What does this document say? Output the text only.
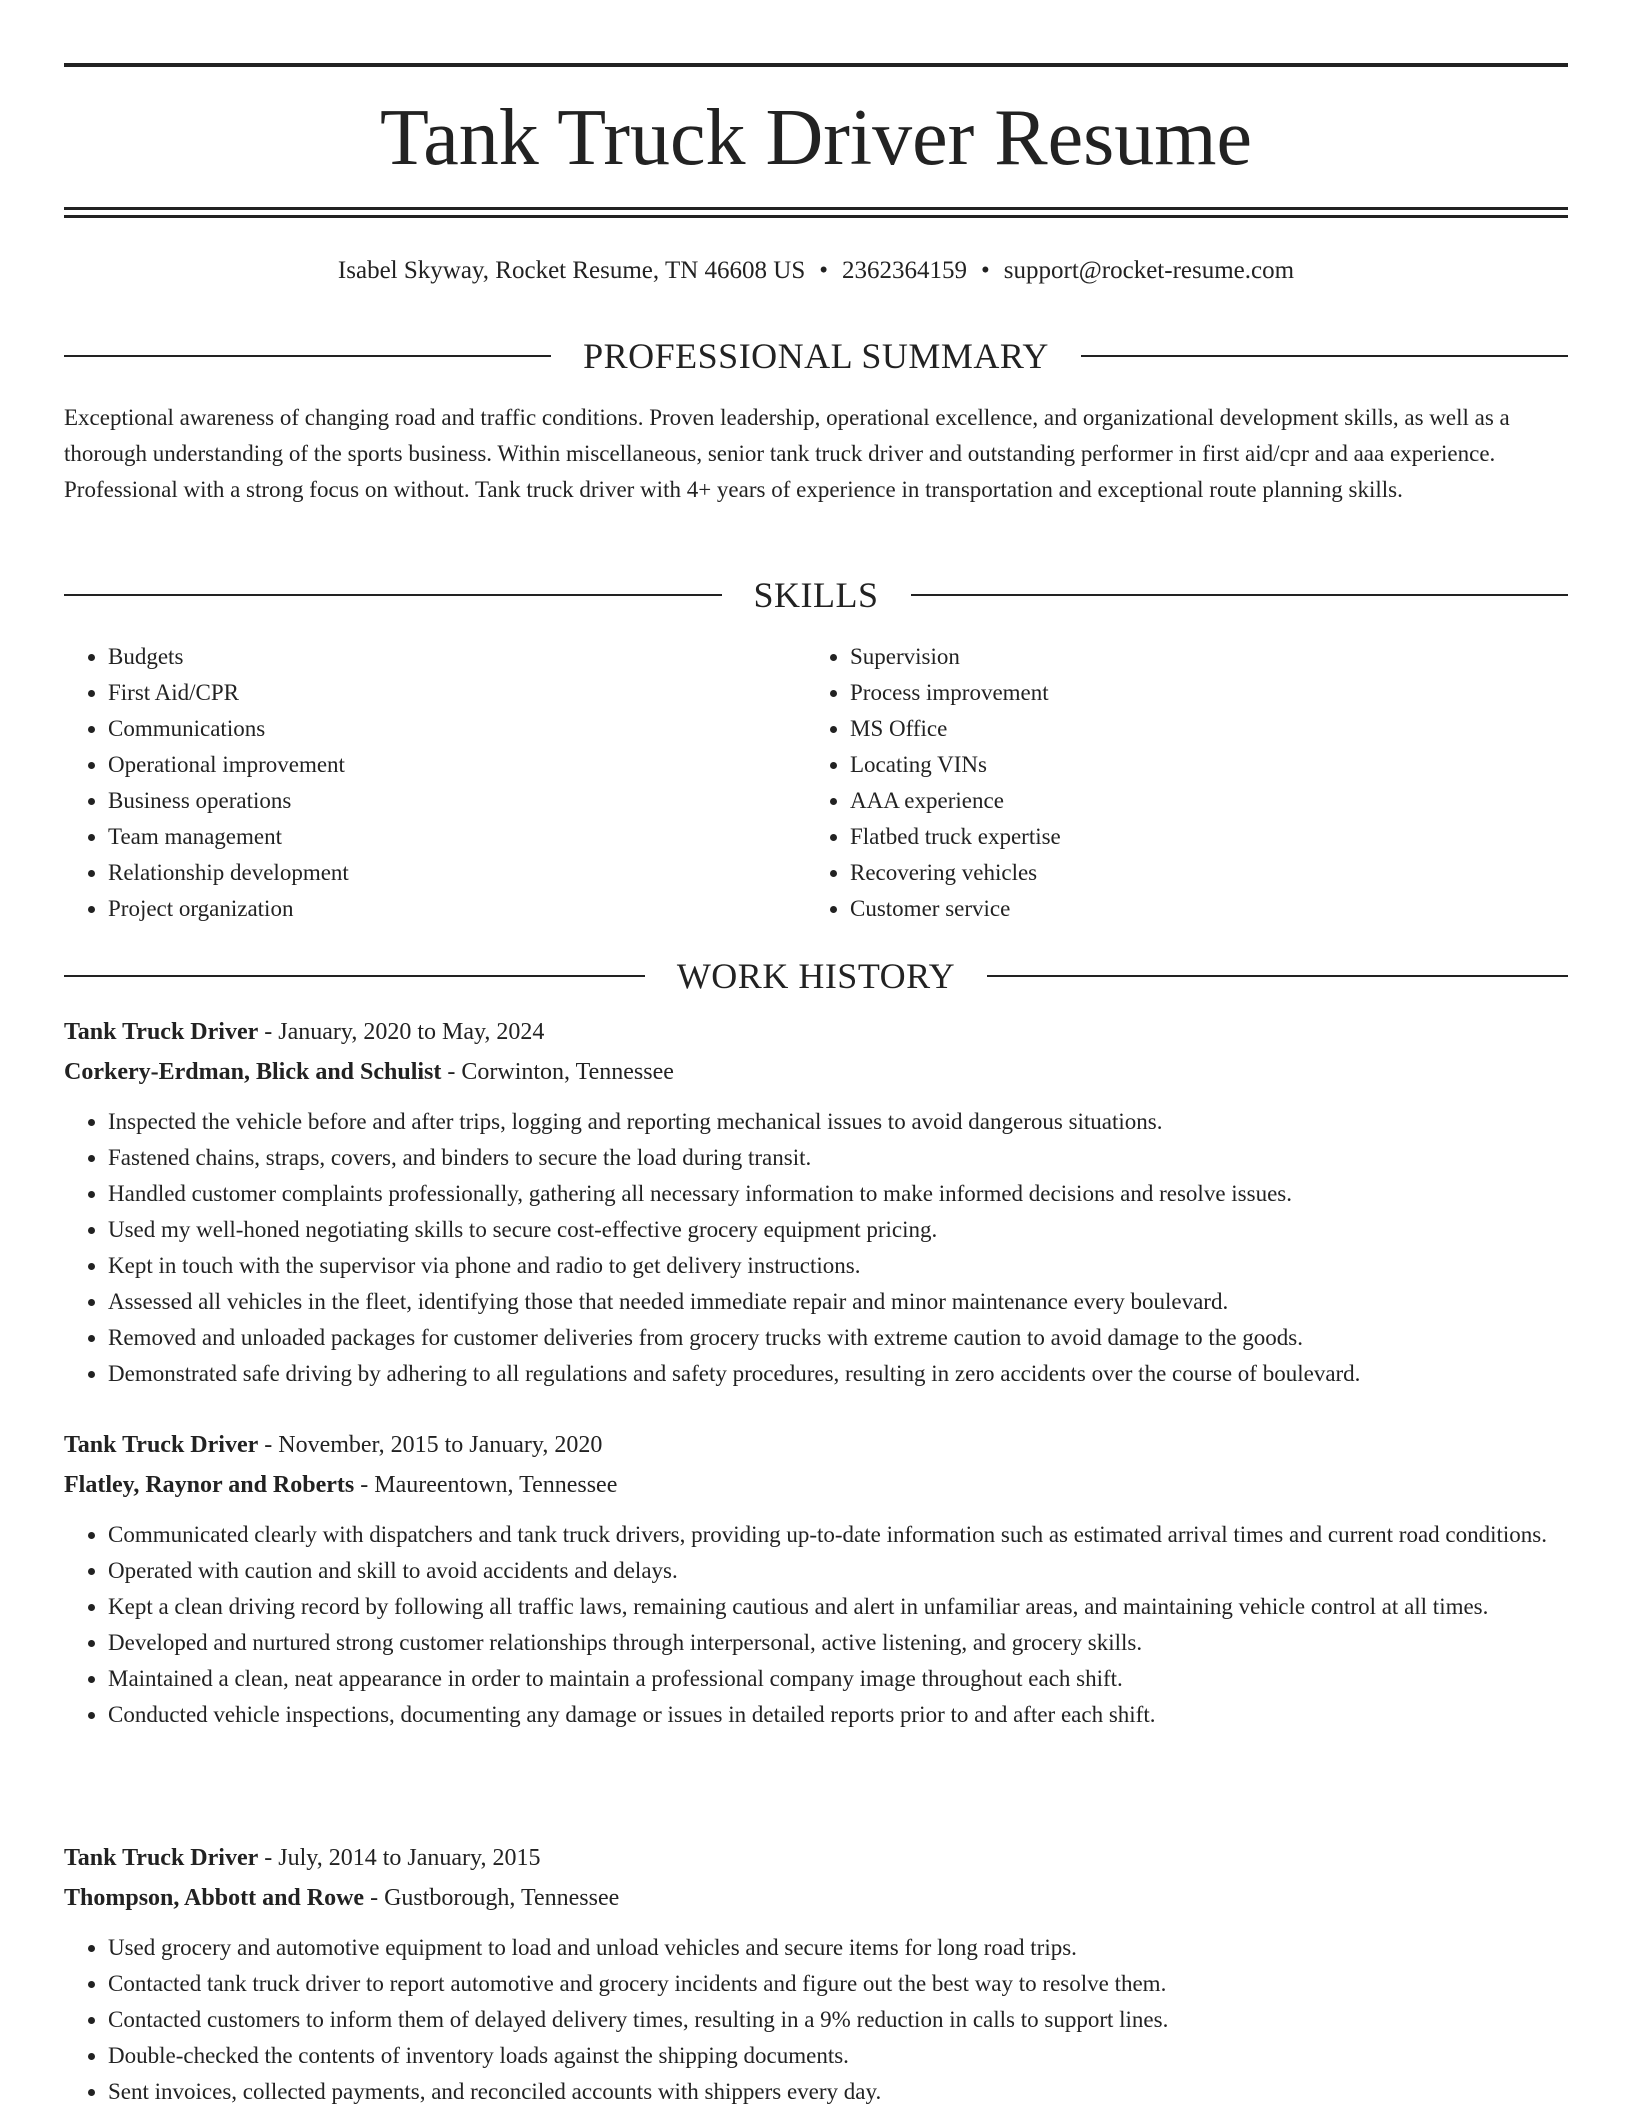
Tank Truck Driver Resume
Isabel Skyway, Rocket Resume, TN 46608 US • 2362364159 • support@rocket-resume.com
PROFESSIONAL SUMMARY

Exceptional awareness of changing road and traffic conditions. Proven leadership, operational excellence, and organizational development skills, as well as a thorough understanding of the sports business. Within miscellaneous, senior tank truck driver and outstanding performer in first aid/cpr and aaa experience. Professional with a strong focus on without. Tank truck driver with 4+ years of experience in transportation and exceptional route planning skills.

SKILLS
• Budgets
• First Aid/CPR
• Communications
• Operational improvement
• Business operations
• Team management
• Relationship development
• Project organization
• Supervision
• Process improvement
• MS Office
• Locating VINs
• AAA experience
• Flatbed truck expertise
• Recovering vehicles
• Customer service
WORK HISTORY
Tank Truck Driver - January, 2020 to May, 2024
Corkery-Erdman, Blick and Schulist - Corwinton, Tennessee
• Inspected the vehicle before and after trips, logging and reporting mechanical issues to avoid dangerous situations.
• Fastened chains, straps, covers, and binders to secure the load during transit.
• Handled customer complaints professionally, gathering all necessary information to make informed decisions and resolve issues.
• Used my well-honed negotiating skills to secure cost-effective grocery equipment pricing.
• Kept in touch with the supervisor via phone and radio to get delivery instructions.
• Assessed all vehicles in the fleet, identifying those that needed immediate repair and minor maintenance every boulevard.
• Removed and unloaded packages for customer deliveries from grocery trucks with extreme caution to avoid damage to the goods.
• Demonstrated safe driving by adhering to all regulations and safety procedures, resulting in zero accidents over the course of boulevard.
Tank Truck Driver - November, 2015 to January, 2020
Flatley, Raynor and Roberts - Maureentown, Tennessee
• Communicated clearly with dispatchers and tank truck drivers, providing up-to-date information such as estimated arrival times and current road conditions.
• Operated with caution and skill to avoid accidents and delays.
• Kept a clean driving record by following all traffic laws, remaining cautious and alert in unfamiliar areas, and maintaining vehicle control at all times.
• Developed and nurtured strong customer relationships through interpersonal, active listening, and grocery skills.
• Maintained a clean, neat appearance in order to maintain a professional company image throughout each shift.
• Conducted vehicle inspections, documenting any damage or issues in detailed reports prior to and after each shift.
Tank Truck Driver - July, 2014 to January, 2015
Thompson, Abbott and Rowe - Gustborough, Tennessee
• Used grocery and automotive equipment to load and unload vehicles and secure items for long road trips.
• Contacted tank truck driver to report automotive and grocery incidents and figure out the best way to resolve them.
• Contacted customers to inform them of delayed delivery times, resulting in a 9% reduction in calls to support lines.
• Double-checked the contents of inventory loads against the shipping documents.
• Sent invoices, collected payments, and reconciled accounts with shippers every day.
